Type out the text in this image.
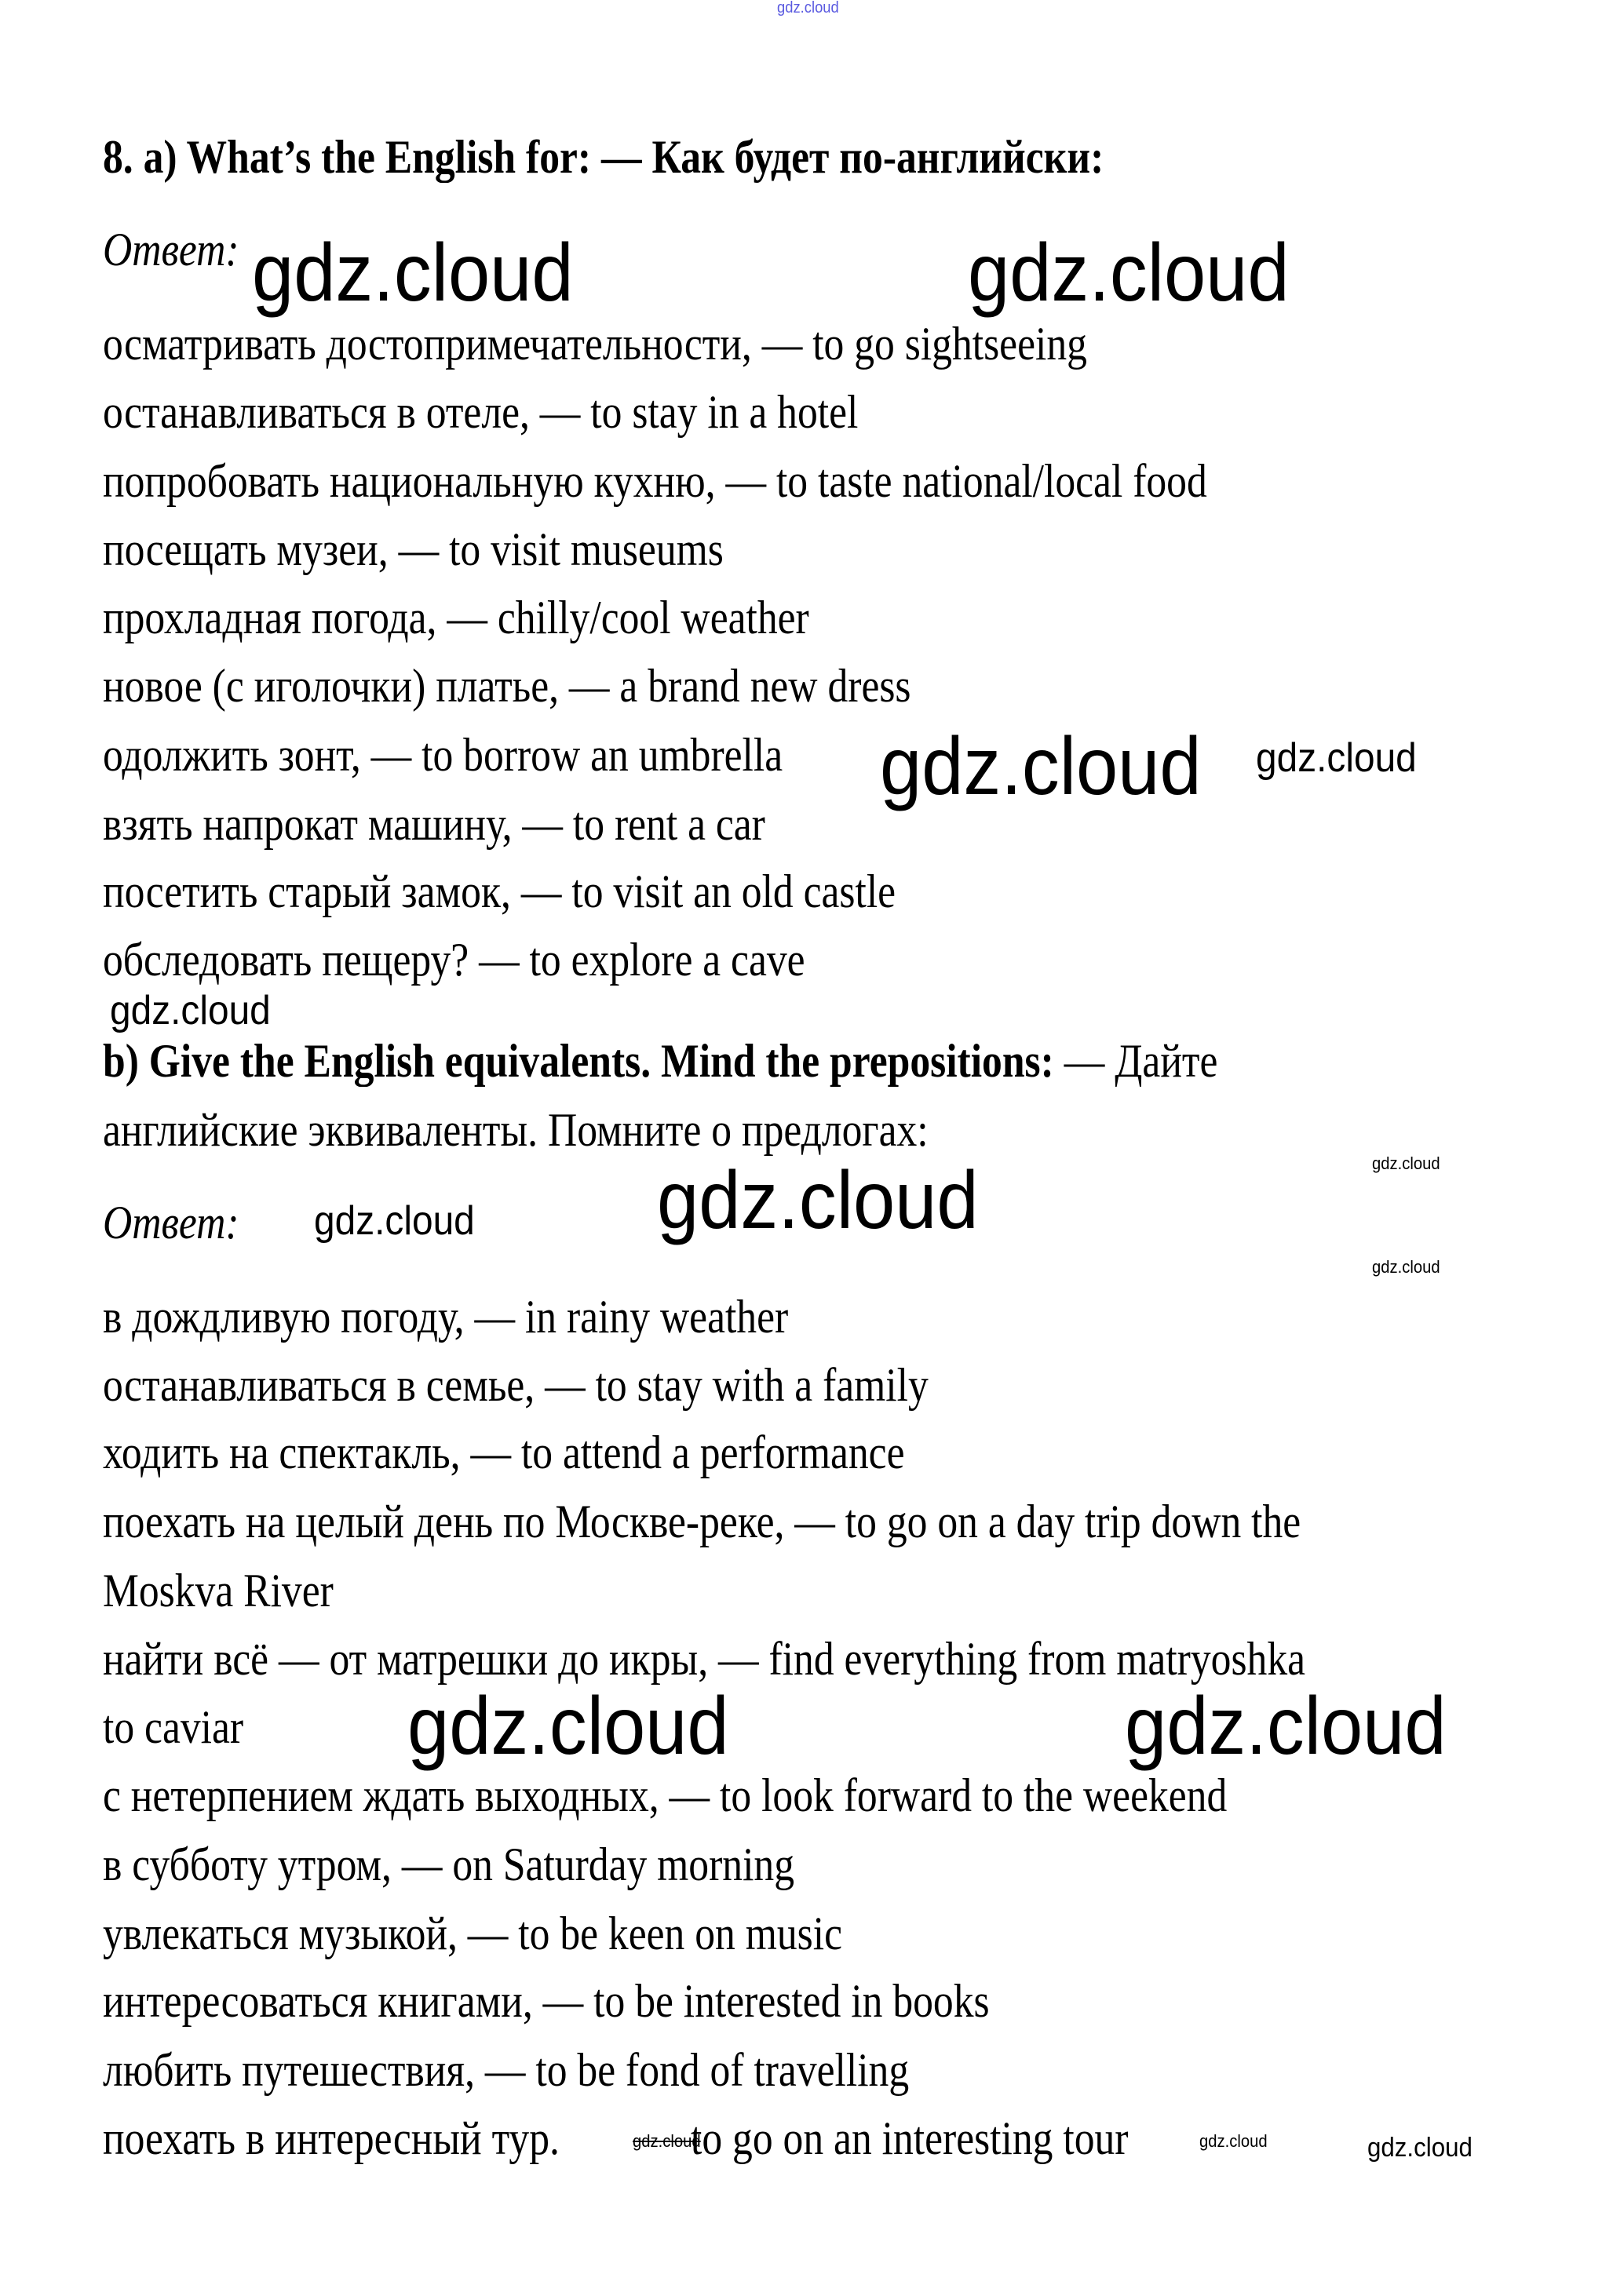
gdz.cloud
8. a) What’s the English for: — Как будет по-английски:
Ответ:
осматривать достопримечательности, — to go sightseeing
останавливаться в отеле, — to stay in a hotel
попробовать национальную кухню, — to taste national/local food
посещать музеи, — to visit museums
прохладная погода, — chilly/cool weather
новое (с иголочки) платье, — a brand new dress
одолжить зонт, — to borrow an umbrella
взять напрокат машину, — to rent a car
посетить старый замок, — to visit an old castle
обследовать пещеру? — to explore a cave
b) Give the English equivalents. Mind the prepositions: — Дайте
английские эквиваленты. Помните о предлогах:
Ответ:
в дождливую погоду, — in rainy weather
останавливаться в семье, — to stay with a family
ходить на спектакль, — to attend a performance
поехать на целый день по Москве-реке, — to go on a day trip down the
Moskva River
найти всё — от матрешки до икры, — find everything from matryoshka
to caviar
с нетерпением ждать выходных, — to look forward to the weekend
в субботу утром, — on Saturday morning
увлекаться музыкой, — to be keen on music
интересоваться книгами, — to be interested in books
любить путешествия, — to be fond of travelling
поехать в интересный тур.	to go on an interesting tour
gdz.cloud	gdz.cloud
gdz.cloud
gdz.cloud
gdz.cloud
gdz.cloud	gdz.cloud
gdz.cloud
gdz.cloud
gdz.cloud	gdz.cloud
gdz.cloud	gdz.cloud	gdz.cloud
